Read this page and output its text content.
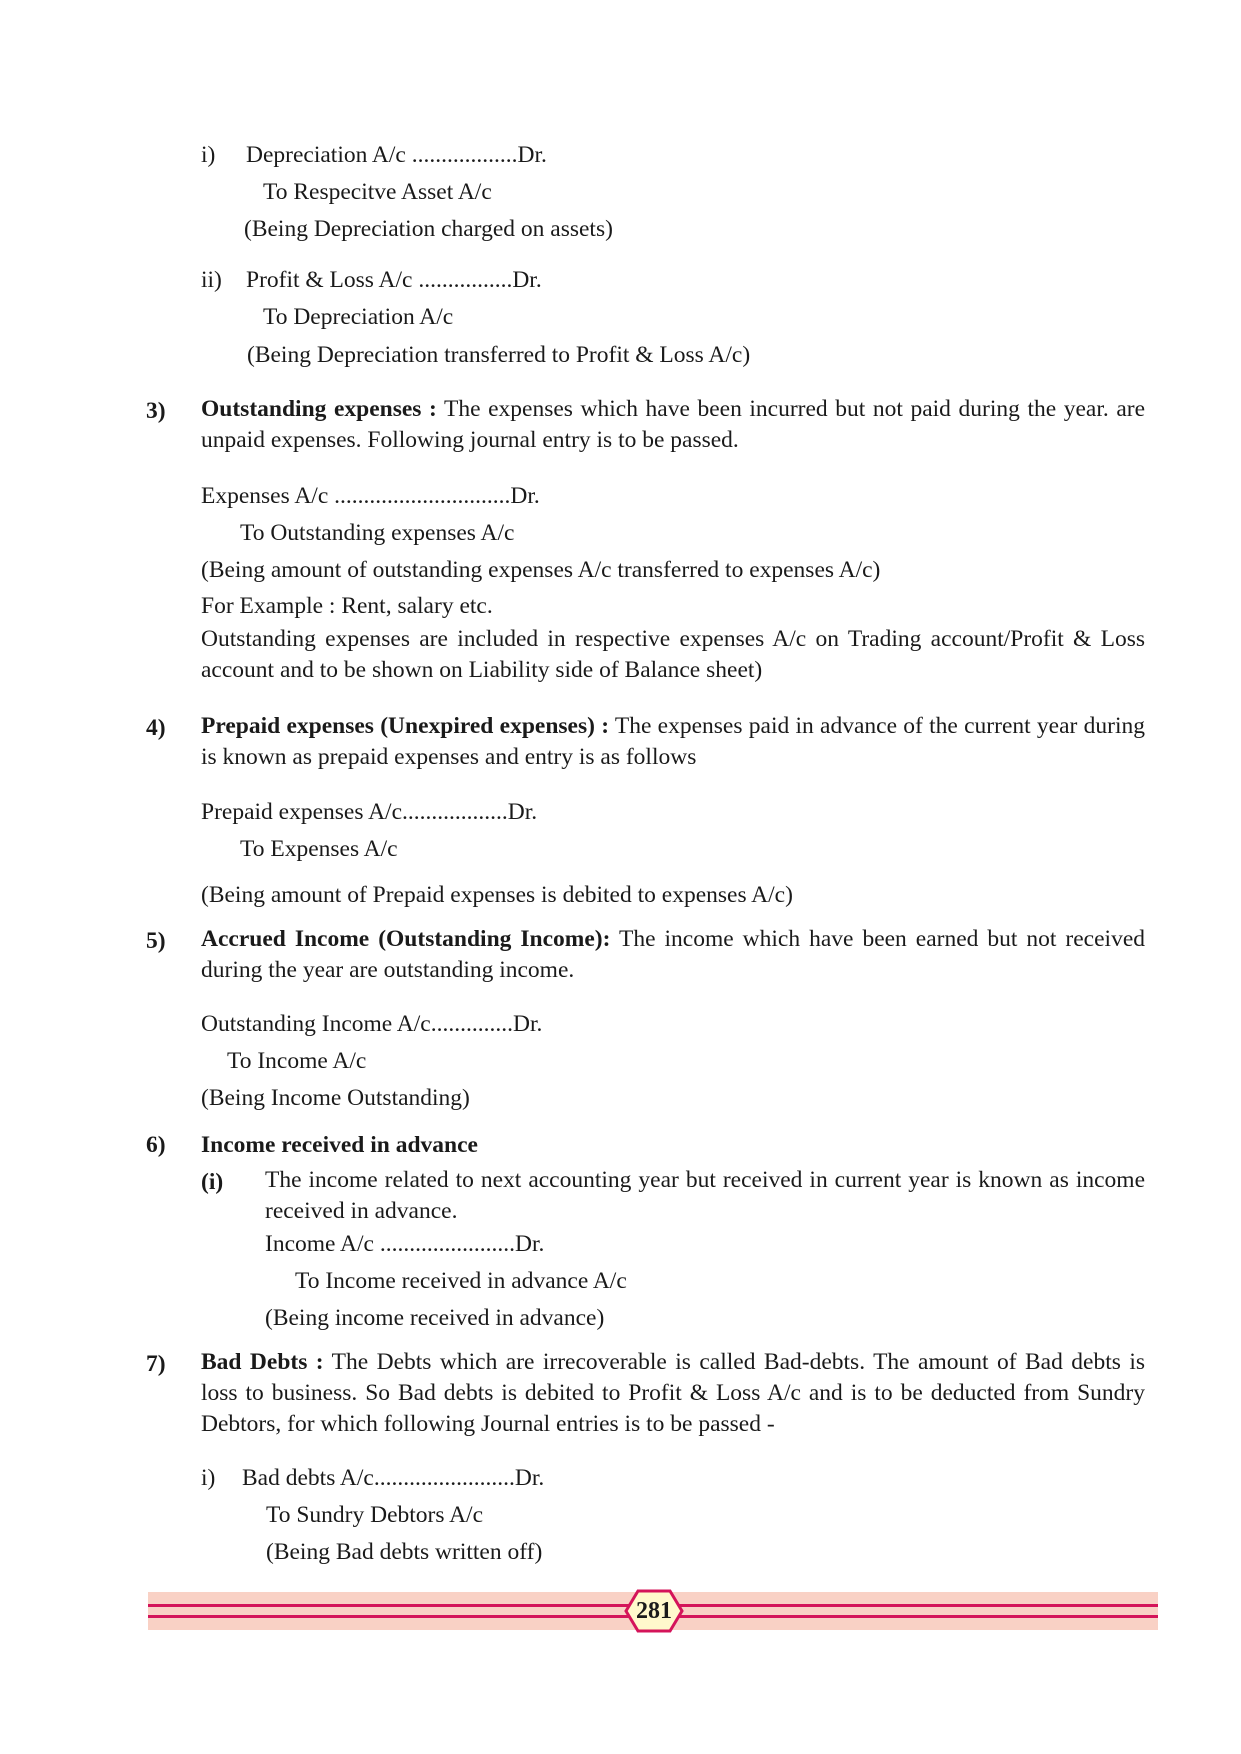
i) Depreciation A/c ..................Dr.
To Respecitve Asset A/c
(Being Depreciation charged on assets)
ii) Profit & Loss A/c ................Dr.
To Depreciation A/c
(Being Depreciation transferred to Profit & Loss A/c)
3) Outstanding expenses : The expenses which have been incurred but not paid during the year. are unpaid expenses. Following journal entry is to be passed.
Expenses A/c ..............................Dr.
To Outstanding expenses A/c
(Being amount of outstanding expenses A/c transferred to expenses A/c)
For Example : Rent, salary etc.
Outstanding expenses are included in respective expenses A/c on Trading account/Profit & Loss account and to be shown on Liability side of Balance sheet)
4) Prepaid expenses (Unexpired expenses) : The expenses paid in advance of the current year during is known as prepaid expenses and entry is as follows
Prepaid expenses A/c..................Dr.
To Expenses A/c
(Being amount of Prepaid expenses is debited to expenses A/c)
5) Accrued Income (Outstanding Income): The income which have been earned but not received during the year are outstanding income.
Outstanding Income A/c..............Dr.
To Income A/c
(Being Income Outstanding)
6) Income received in advance
(i) The income related to next accounting year but received in current year is known as income received in advance.
Income A/c .......................Dr.
To Income received in advance A/c
(Being income received in advance)
7) Bad Debts : The Debts which are irrecoverable is called Bad-debts. The amount of Bad debts is loss to business. So Bad debts is debited to Profit & Loss A/c and is to be deducted from Sundry Debtors, for which following Journal entries is to be passed -
i) Bad debts A/c........................Dr.
To Sundry Debtors A/c
(Being Bad debts written off)
281
